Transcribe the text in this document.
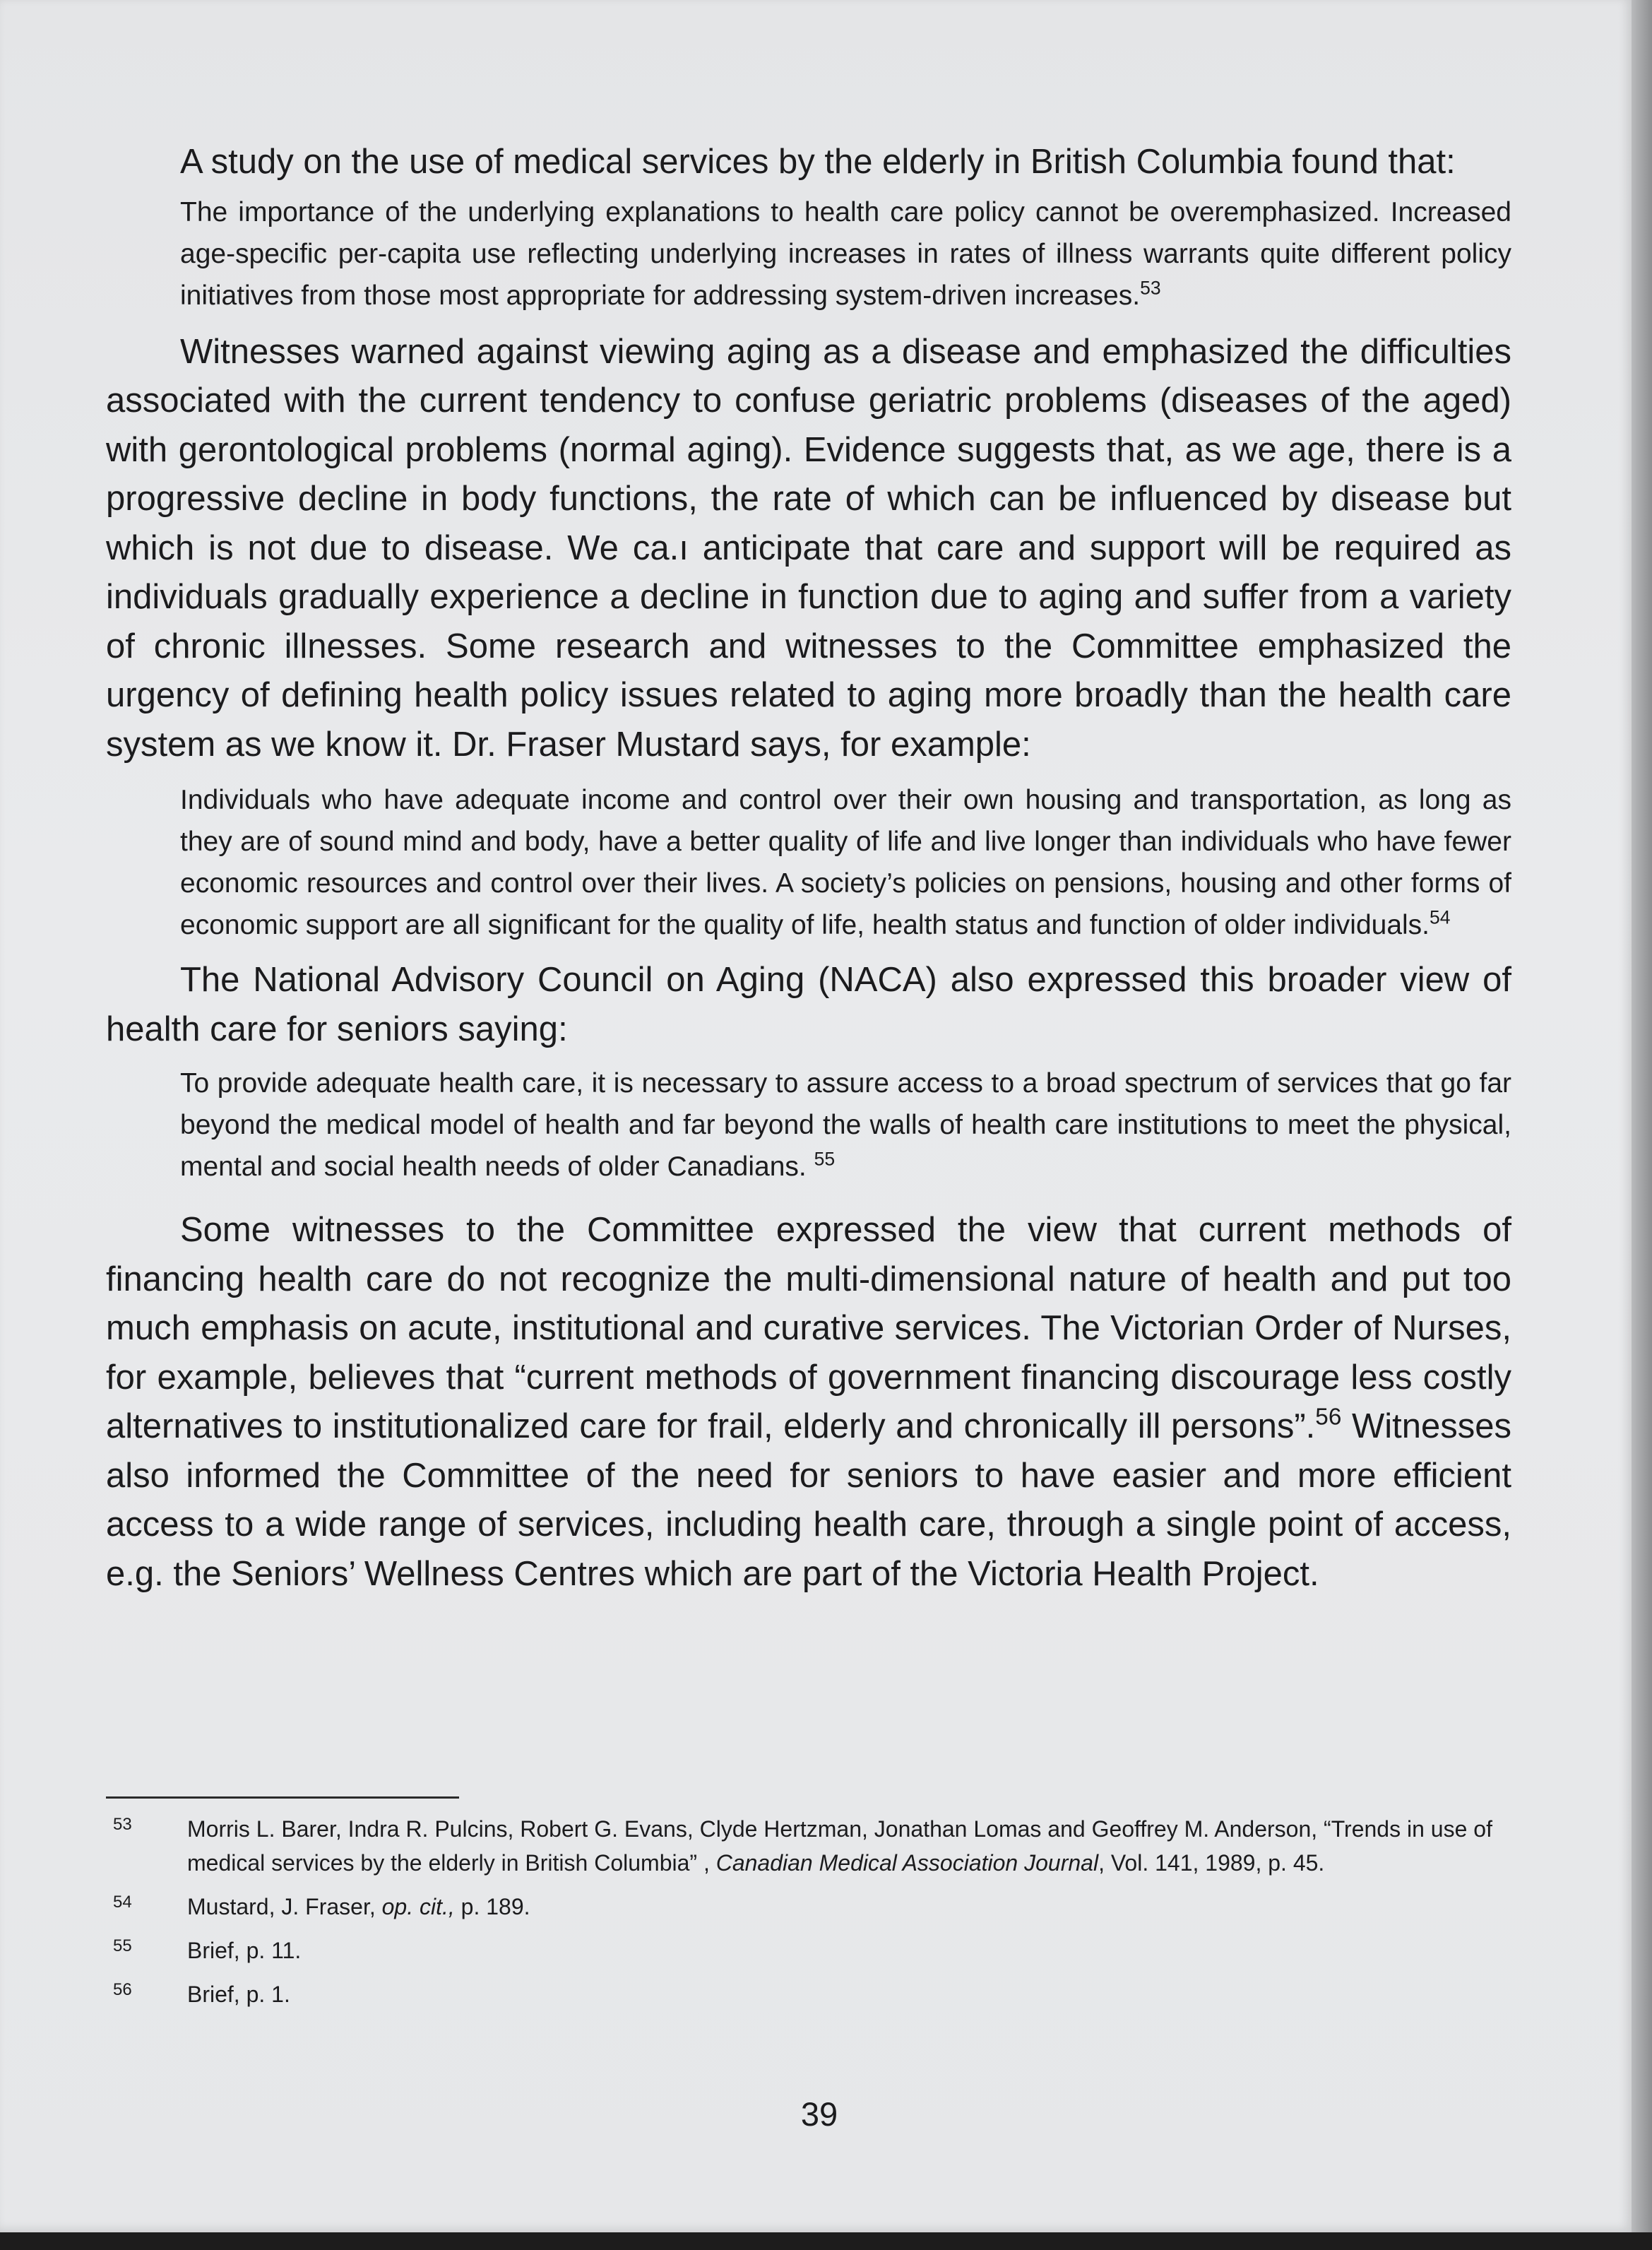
A study on the use of medical services by the elderly in British Columbia found that:

The importance of the underlying explanations to health care policy cannot be overemphasized. Increased age-specific per-capita use reflecting underlying increases in rates of illness warrants quite different policy initiatives from those most appropriate for addressing system-driven increases.$^{53}$

Witnesses warned against viewing aging as a disease and emphasized the difficulties associated with the current tendency to confuse geriatric problems (diseases of the aged) with gerontological problems (normal aging). Evidence suggests that, as we age, there is a progressive decline in body functions, the rate of which can be influenced by disease but which is not due to disease. We ca.ı anticipate that care and support will be required as individuals gradually experience a decline in function due to aging and suffer from a variety of chronic illnesses. Some research and witnesses to the Committee emphasized the urgency of defining health policy issues related to aging more broadly than the health care system as we know it. Dr. Fraser Mustard says, for example:

Individuals who have adequate income and control over their own housing and transportation, as long as they are of sound mind and body, have a better quality of life and live longer than individuals who have fewer economic resources and control over their lives. A society’s policies on pensions, housing and other forms of economic support are all significant for the quality of life, health status and function of older individuals.$^{54}$

The National Advisory Council on Aging (NACA) also expressed this broader view of health care for seniors saying:

To provide adequate health care, it is necessary to assure access to a broad spectrum of services that go far beyond the medical model of health and far beyond the walls of health care institutions to meet the physical, mental and social health needs of older Canadians. $^{55}$

Some witnesses to the Committee expressed the view that current methods of financing health care do not recognize the multi-dimensional nature of health and put too much emphasis on acute, institutional and curative services. The Victorian Order of Nurses, for example, believes that “current methods of government financing discourage less costly alternatives to institutionalized care for frail, elderly and chronically ill persons”.$^{56}$ Witnesses also informed the Committee of the need for seniors to have easier and more efficient access to a wide range of services, including health care, through a single point of access, e.g. the Seniors’ Wellness Centres which are part of the Victoria Health Project.

53 Morris L. Barer, Indra R. Pulcins, Robert G. Evans, Clyde Hertzman, Jonathan Lomas and Geoffrey M. Anderson, “Trends in use of medical services by the elderly in British Columbia” , Canadian Medical Association Journal, Vol. 141, 1989, p. 45.
54 Mustard, J. Fraser, op. cit., p. 189.
55 Brief, p. 11.
56 Brief, p. 1.
39
